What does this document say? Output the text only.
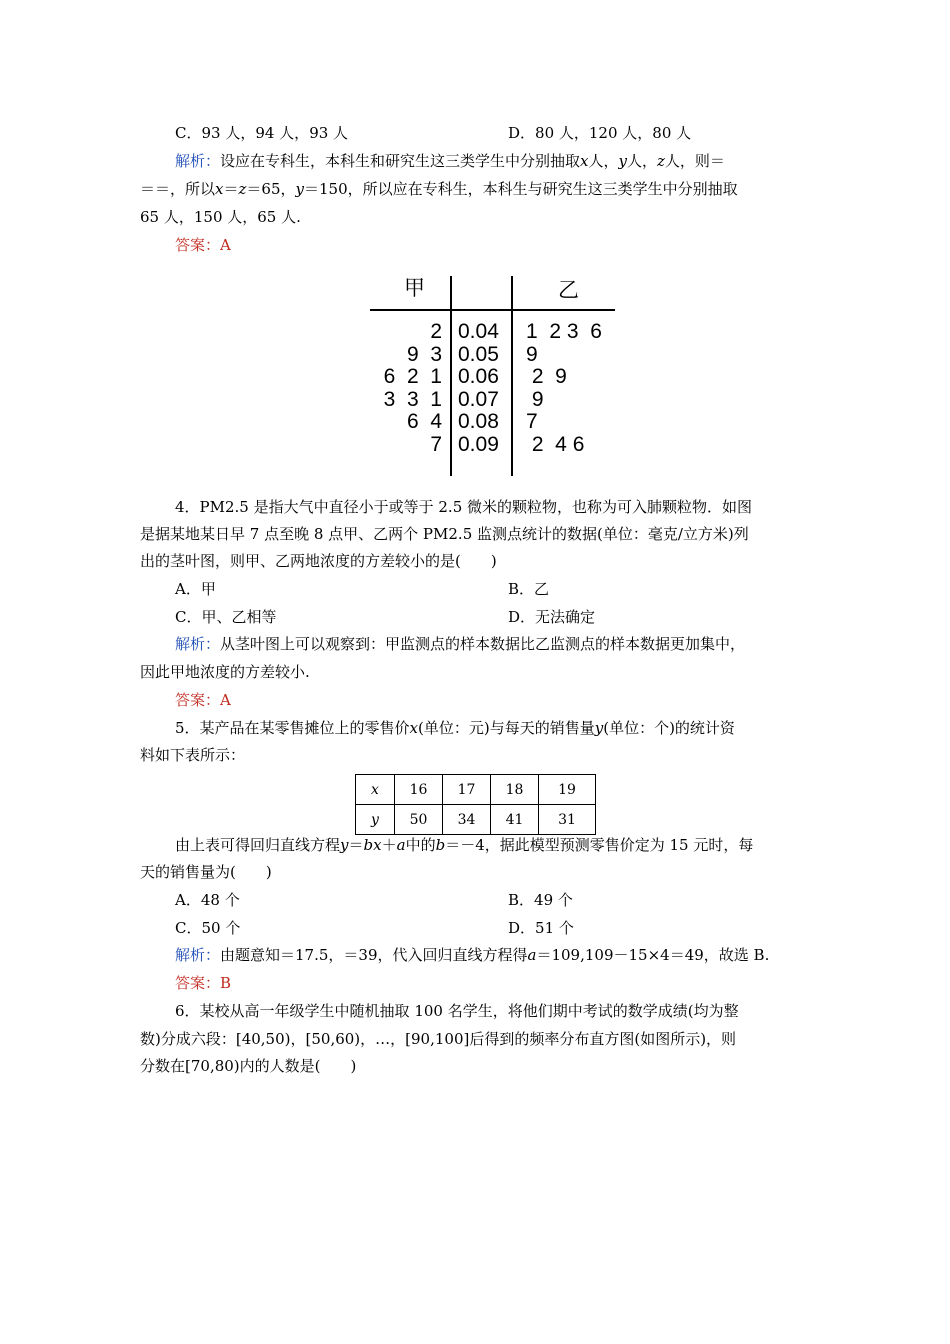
C．93 人，94 人，93 人	D．80 人，120 人，80 人
解析：设应在专科生，本科生和研究生这三类学生中分别抽取x人，y人，z人，则＝
＝＝，所以x＝z＝65，y＝150，所以应在专科生，本科生与研究生这三类学生中分别抽取
65 人，150 人，65 人.
答案：A
甲	乙
2 0.04 1  2 3  6
9  3 0.05 9
6  2  1 0.06 2  9
3  3  1 0.07 9
6  4 0.08 7
7 0.09 2  4 6
4．PM2.5 是指大气中直径小于或等于 2.5 微米的颗粒物，也称为可入肺颗粒物．如图
是据某地某日早 7 点至晚 8 点甲、乙两个 PM2.5 监测点统计的数据(单位：毫克/立方米)列
出的茎叶图，则甲、乙两地浓度的方差较小的是(　　)
A．甲	B．乙
C．甲、乙相等	D．无法确定
解析：从茎叶图上可以观察到：甲监测点的样本数据比乙监测点的样本数据更加集中，
因此甲地浓度的方差较小.
答案：A
5．某产品在某零售摊位上的零售价x(单位：元)与每天的销售量y(单位：个)的统计资
料如下表所示：
x	16	17	18	19
y	50	34	41	31
由上表可得回归直线方程y＝bx＋a中的b＝－4，据此模型预测零售价定为 15 元时，每
天的销售量为(　　)
A．48 个	B．49 个
C．50 个	D．51 个
解析：由题意知＝17.5，＝39，代入回归直线方程得a＝109,109－15×4＝49，故选 B.
答案：B
6．某校从高一年级学生中随机抽取 100 名学生，将他们期中考试的数学成绩(均为整
数)分成六段：[40,50)，[50,60)，…，[90,100]后得到的频率分布直方图(如图所示)，则
分数在[70,80)内的人数是(　　)
